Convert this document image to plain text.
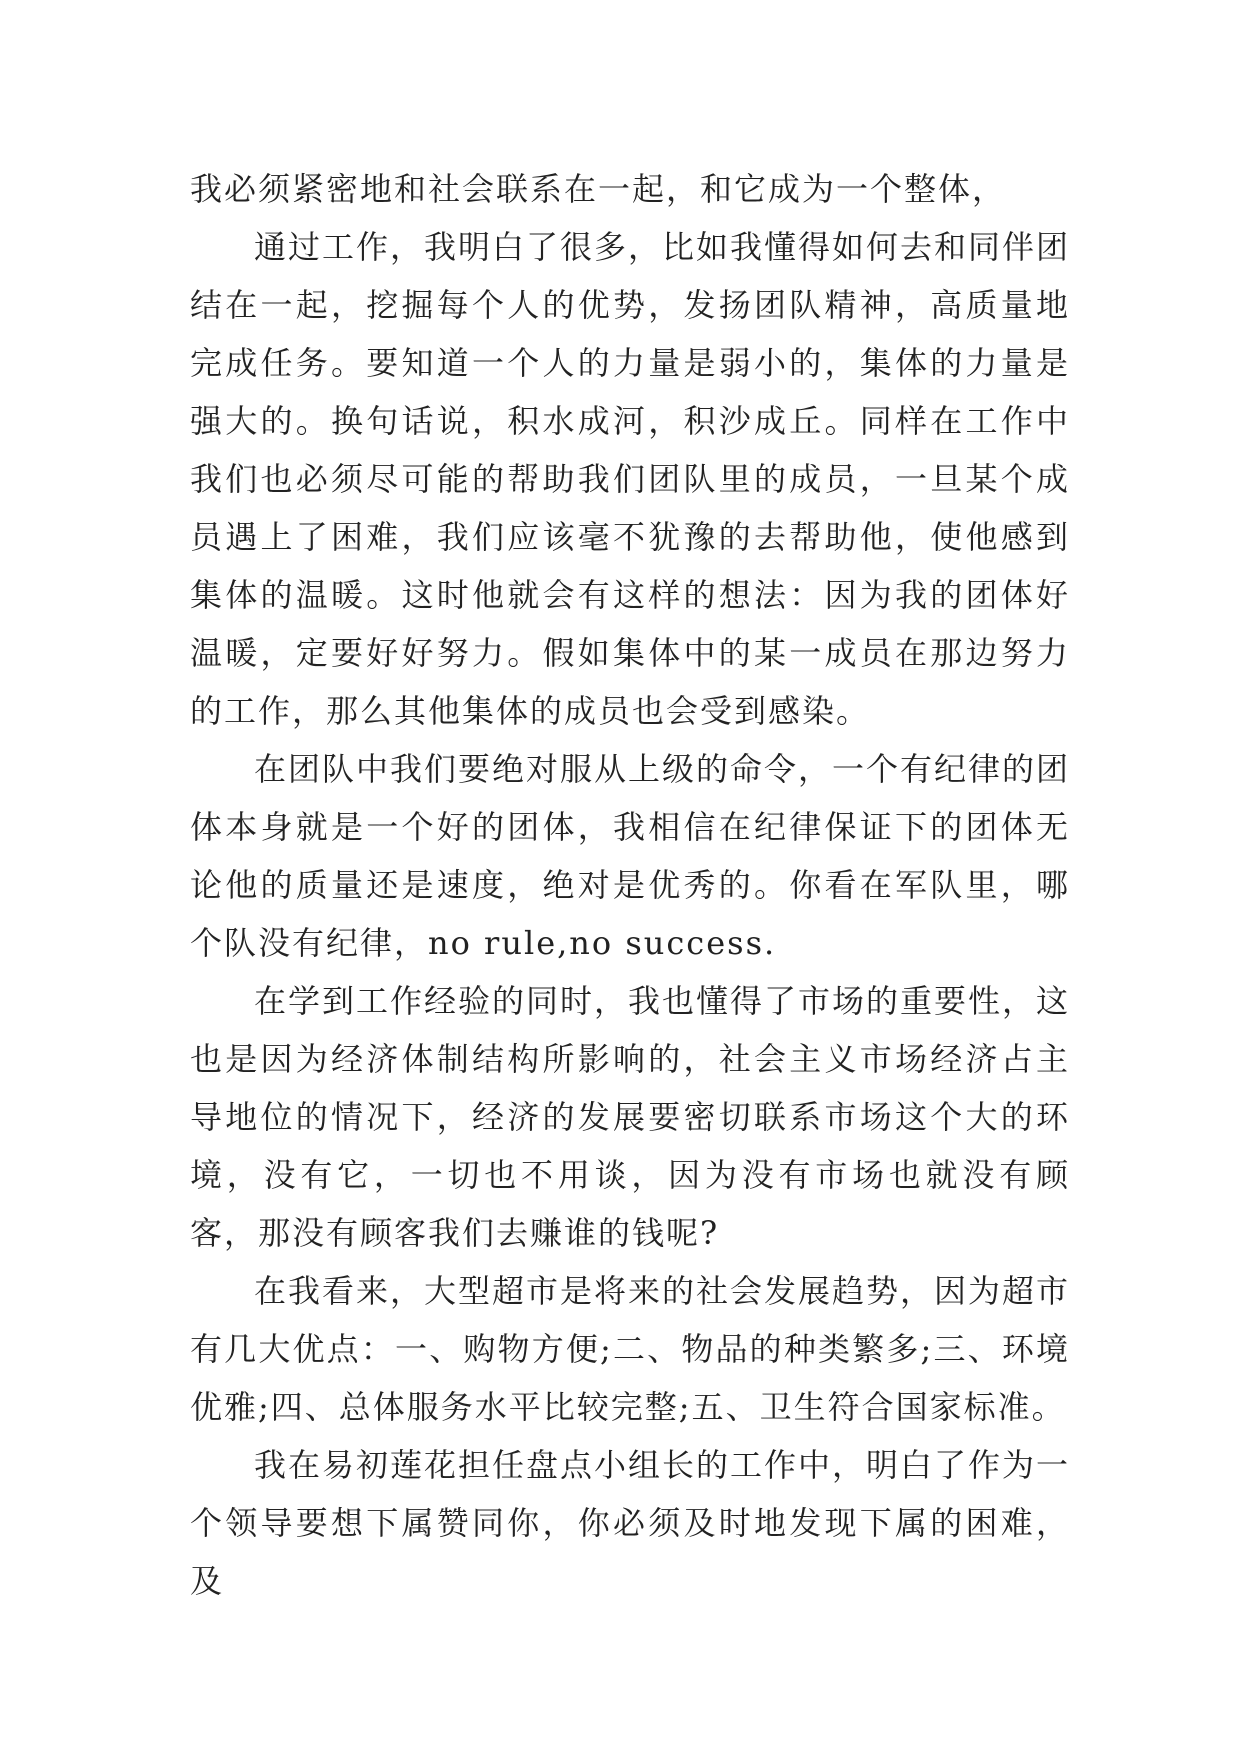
我必须紧密地和社会联系在一起，和它成为一个整体，

通过工作，我明白了很多，比如我懂得如何去和同伴团结在一起，挖掘每个人的优势，发扬团队精神，高质量地完成任务。要知道一个人的力量是弱小的，集体的力量是强大的。换句话说，积水成河，积沙成丘。同样在工作中我们也必须尽可能的帮助我们团队里的成员，一旦某个成员遇上了困难，我们应该毫不犹豫的去帮助他，使他感到集体的温暖。这时他就会有这样的想法：因为我的团体好温暖，定要好好努力。假如集体中的某一成员在那边努力的工作，那么其他集体的成员也会受到感染。

在团队中我们要绝对服从上级的命令，一个有纪律的团体本身就是一个好的团体，我相信在纪律保证下的团体无论他的质量还是速度，绝对是优秀的。你看在军队里，哪个队没有纪律，no rule,no success.

在学到工作经验的同时，我也懂得了市场的重要性，这也是因为经济体制结构所影响的，社会主义市场经济占主导地位的情况下，经济的发展要密切联系市场这个大的环境，没有它，一切也不用谈，因为没有市场也就没有顾客，那没有顾客我们去赚谁的钱呢?

在我看来，大型超市是将来的社会发展趋势，因为超市有几大优点：一、购物方便;二、物品的种类繁多;三、环境优雅;四、总体服务水平比较完整;五、卫生符合国家标准。

我在易初莲花担任盘点小组长的工作中，明白了作为一个领导要想下属赞同你，你必须及时地发现下属的困难，及
